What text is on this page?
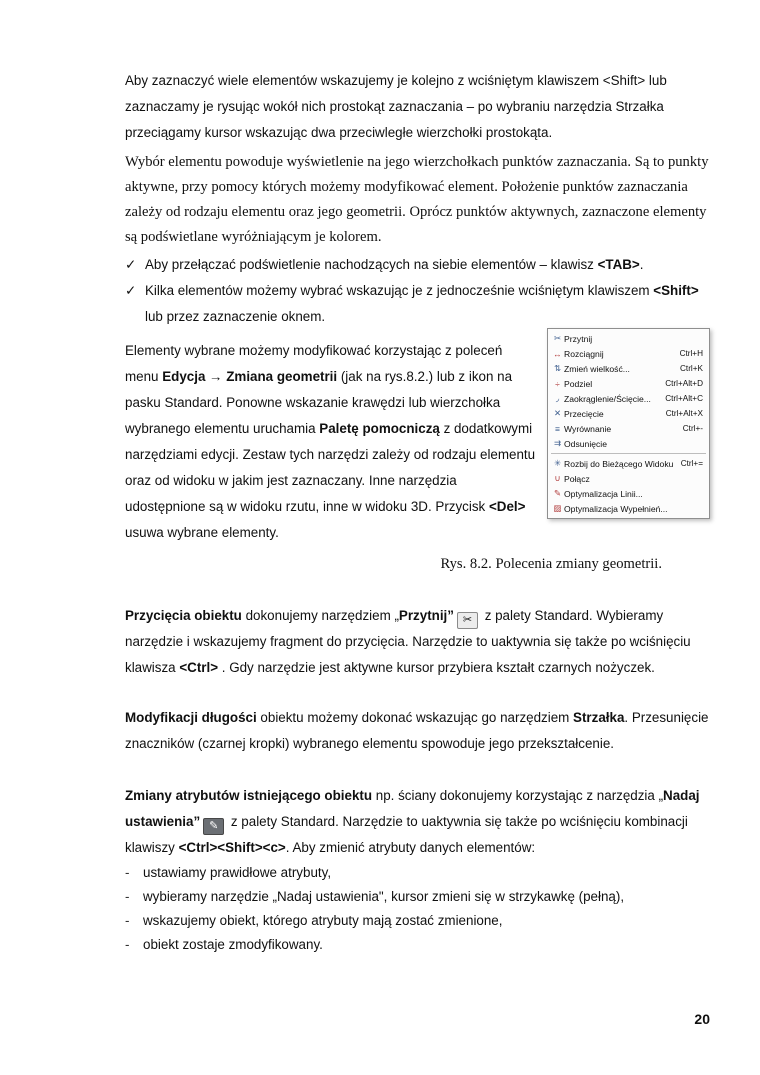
Aby zaznaczyć wiele elementów wskazujemy je kolejno z wciśniętym klawiszem <Shift> lub zaznaczamy je rysując wokół nich prostokąt zaznaczania – po wybraniu narzędzia Strzałka przeciągamy kursor wskazując dwa przeciwległe wierzchołki prostokąta.

Wybór elementu powoduje wyświetlenie na jego wierzchołkach punktów zaznaczania. Są to punkty aktywne, przy pomocy których możemy modyfikować element. Położenie punktów zaznaczania zależy od rodzaju elementu oraz jego geometrii. Oprócz punktów aktywnych, zaznaczone elementy są podświetlane wyróżniającym je kolorem.

✓ Aby przełączać podświetlenie nachodzących na siebie elementów – klawisz <TAB>.
✓ Kilka elementów możemy wybrać wskazując je z jednocześnie wciśniętym klawiszem <Shift> lub przez zaznaczenie oknem.
Elementy wybrane możemy modyfikować korzystając z poleceń menu Edycja → Zmiana geometrii (jak na rys.8.2.) lub z ikon na pasku Standard. Ponowne wskazanie krawędzi lub wierzchołka wybranego elementu uruchamia Paletę pomocniczą z dodatkowymi narzędziami edycji. Zestaw tych narzędzi zależy od rodzaju elementu oraz od widoku w jakim jest zaznaczany. Inne narzędzia udostępnione są w widoku rzutu, inne w widoku 3D. Przycisk <Del> usuwa wybrane elementy.
✂ Przytnij
↔ Rozciągnij	Ctrl+H
⇅ Zmień wielkość...	Ctrl+K
÷ Podziel	Ctrl+Alt+D
◞ Zaokrąglenie/Ścięcie...	Ctrl+Alt+C
✕ Przecięcie	Ctrl+Alt+X
≡ Wyrównanie	Ctrl+-
⇉ Odsunięcie
✳ Rozbij do Bieżącego Widoku Ctrl+=
∪ Połącz
✎ Optymalizacja Linii...
▨ Optymalizacja Wypełnień...
Rys. 8.2. Polecenia zmiany geometrii.

Przycięcia obiektu dokonujemy narzędziem „Przytnij” ✂ z palety Standard. Wybieramy narzędzie i wskazujemy fragment do przycięcia. Narzędzie to uaktywnia się także po wciśnięciu klawisza <Ctrl> . Gdy narzędzie jest aktywne kursor przybiera kształt czarnych nożyczek.

Modyfikacji długości obiektu możemy dokonać wskazując go narzędziem Strzałka. Przesunięcie znaczników (czarnej kropki) wybranego elementu spowoduje jego przekształcenie.

Zmiany atrybutów istniejącego obiektu np. ściany dokonujemy korzystając z narzędzia „Nadaj ustawienia” ✎ z palety Standard. Narzędzie to uaktywnia się także po wciśnięciu kombinacji klawiszy <Ctrl><Shift><c>. Aby zmienić atrybuty danych elementów:

-	ustawiamy prawidłowe atrybuty,
-	wybieramy narzędzie „Nadaj ustawienia", kursor zmieni się w strzykawkę (pełną),
-	wskazujemy obiekt, którego atrybuty mają zostać zmienione,
-	obiekt zostaje zmodyfikowany.
20
